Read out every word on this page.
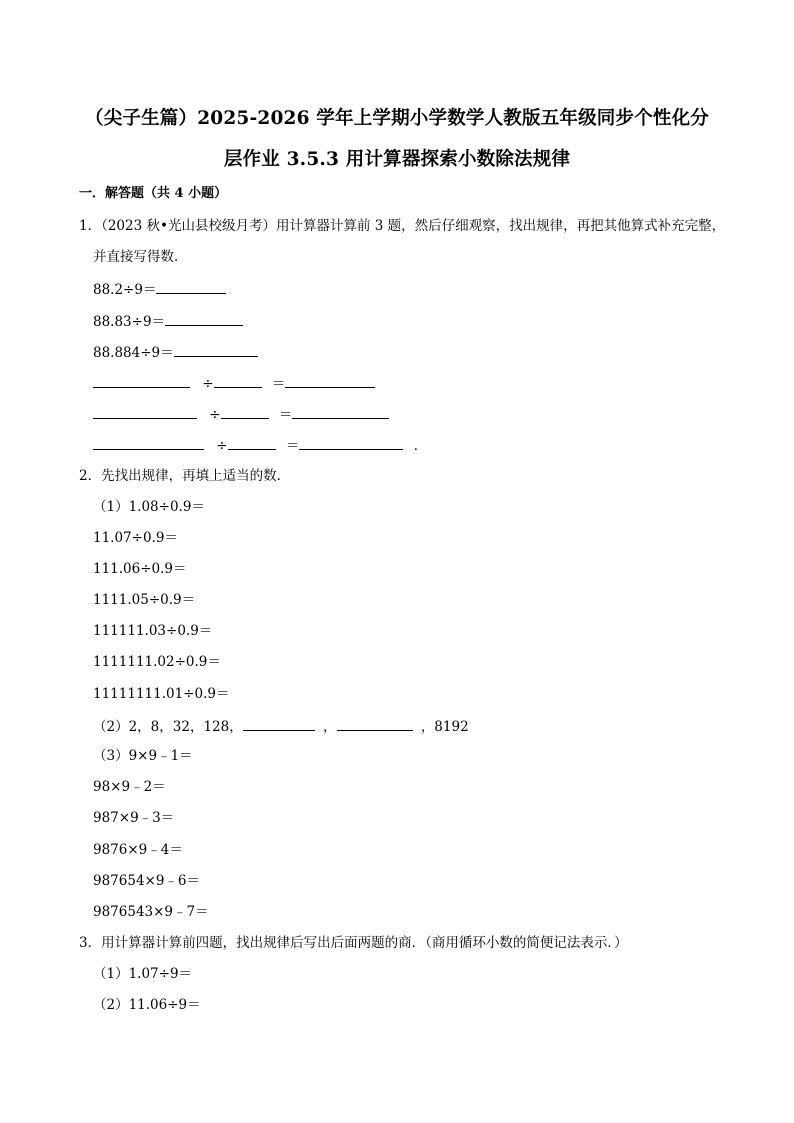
（尖子生篇）2025-2026 学年上学期小学数学人教版五年级同步个性化分
层作业 3.5.3 用计算器探索小数除法规律
一．解答题（共 4 小题）
1．（2023 秋•光山县校级月考）用计算器计算前 3 题，然后仔细观察，找出规律，再把其他算式补充完整，
并直接写得数．
88.2÷9＝
88.83÷9＝
88.884÷9＝
÷	＝
÷	＝
÷	＝	．
2．先找出规律，再填上适当的数．
（1）1.08÷0.9＝
11.07÷0.9＝
111.06÷0.9＝
1111.05÷0.9＝
111111.03÷0.9＝
1111111.02÷0.9＝
11111111.01÷0.9＝
（2）2，8，32，128，	，	，8192
（3）9×9﹣1＝
98×9﹣2＝
987×9﹣3＝
9876×9﹣4＝
987654×9﹣6＝
9876543×9﹣7＝
3．用计算器计算前四题，找出规律后写出后面两题的商．（商用循环小数的简便记法表示．）
（1）1.07÷9＝
（2）11.06÷9＝
